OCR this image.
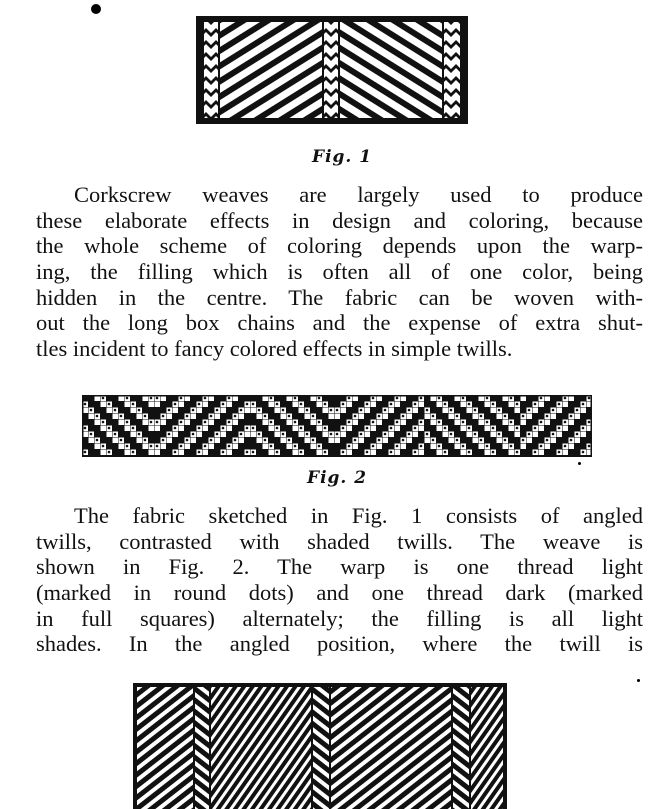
Fig. 1
Corkscrew weaves are largely used to produce
these elaborate effects in design and coloring, because
the whole scheme of coloring depends upon the warp-
ing, the filling which is often all of one color, being
hidden in the centre. The fabric can be woven with-
out the long box chains and the expense of extra shut-
tles incident to fancy colored effects in simple twills.
Fig. 2
The fabric sketched in Fig. 1 consists of angled
twills, contrasted with shaded twills. The weave is
shown in Fig. 2. The warp is one thread light
(marked in round dots) and one thread dark (marked
in full squares) alternately; the filling is all light
shades. In the angled position, where the twill is
